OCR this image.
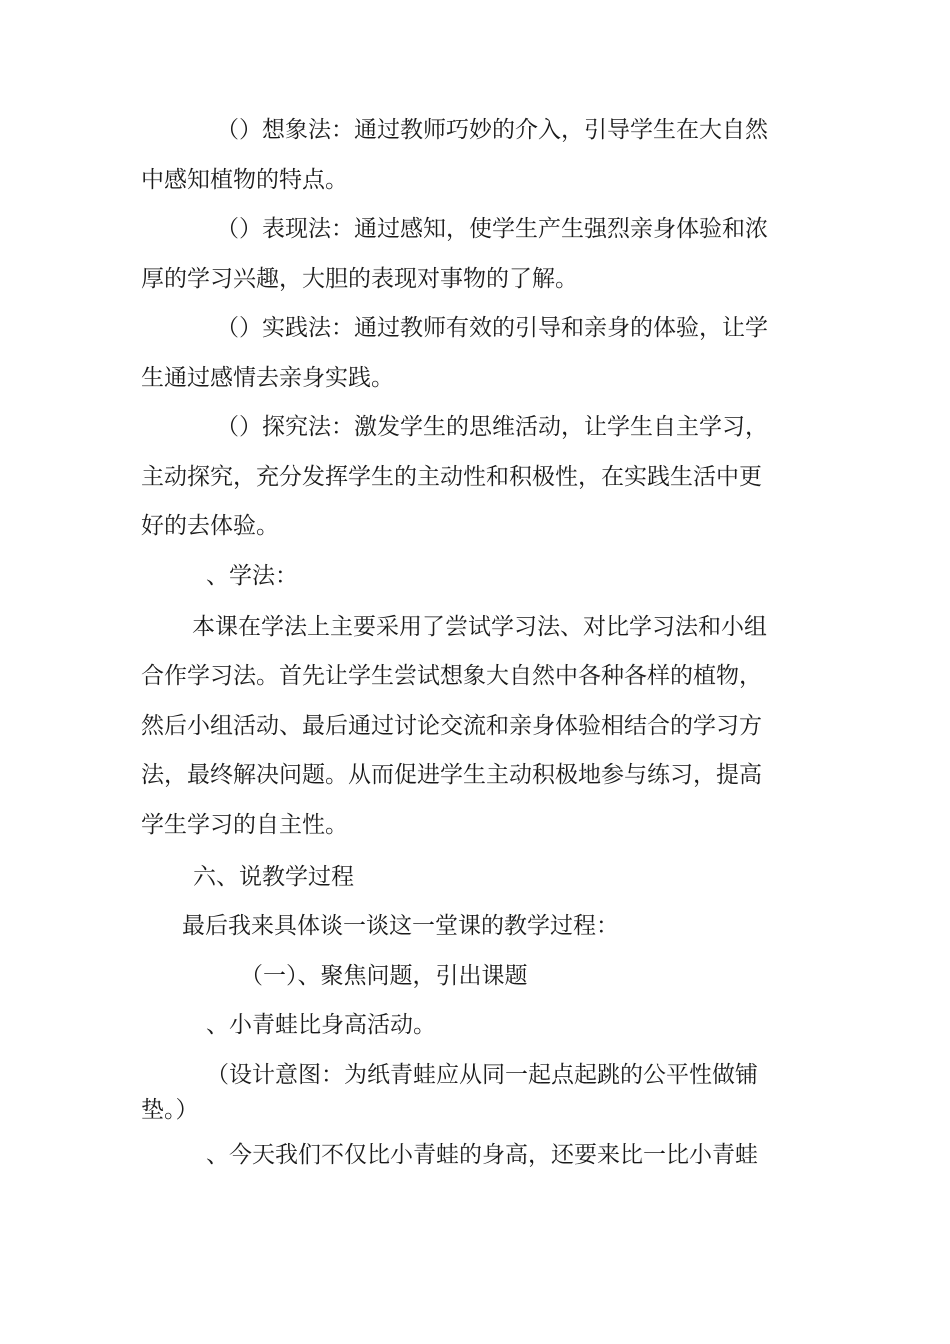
（）想象法：通过教师巧妙的介入，引导学生在大自然
中感知植物的特点。
（）表现法：通过感知，使学生产生强烈亲身体验和浓
厚的学习兴趣，大胆的表现对事物的了解。
（）实践法：通过教师有效的引导和亲身的体验，让学
生通过感情去亲身实践。
（）探究法：激发学生的思维活动，让学生自主学习，
主动探究，充分发挥学生的主动性和积极性，在实践生活中更
好的去体验。
、学法：
本课在学法上主要采用了尝试学习法、对比学习法和小组
合作学习法。首先让学生尝试想象大自然中各种各样的植物，
然后小组活动、最后通过讨论交流和亲身体验相结合的学习方
法，最终解决问题。从而促进学生主动积极地参与练习，提高
学生学习的自主性。
六、说教学过程
最后我来具体谈一谈这一堂课的教学过程：
（一）、聚焦问题，引出课题
、小青蛙比身高活动。
（设计意图：为纸青蛙应从同一起点起跳的公平性做铺
垫。）
、今天我们不仅比小青蛙的身高，还要来比一比小青蛙
